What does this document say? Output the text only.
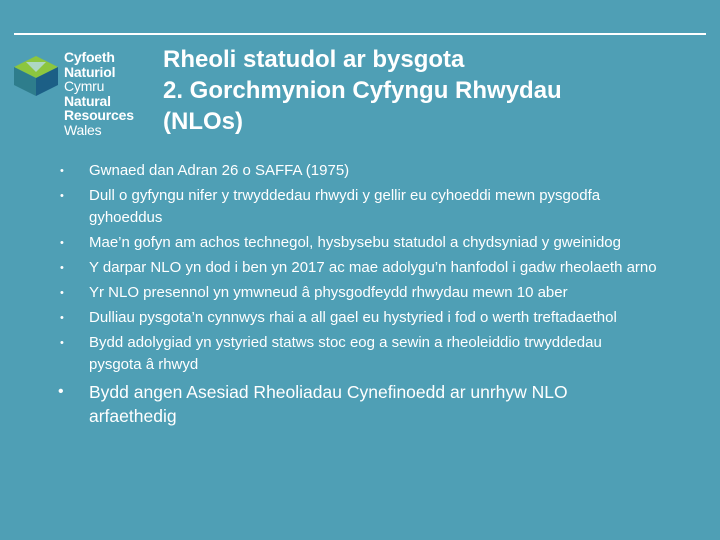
Cyfoeth
Naturiol
Cymru
Natural
Resources
Wales
Rheoli statudol ar bysgota
2. Gorchmynion Cyfyngu Rhwydau
(NLOs)
• Gwnaed dan Adran 26 o SAFFA (1975)
• Dull o gyfyngu nifer y trwyddedau rhwydi y gellir eu cyhoeddi mewn pysgodfa gyhoeddus
• Mae’n gofyn am achos technegol, hysbysebu statudol a chydsyniad y gweinidog
• Y darpar NLO yn dod i ben yn 2017 ac mae adolygu’n hanfodol i gadw rheolaeth arno
• Yr NLO presennol yn ymwneud â physgodfeydd rhwydau mewn 10 aber
• Dulliau pysgota’n cynnwys rhai a all gael eu hystyried i fod o werth treftadaethol
• Bydd adolygiad yn ystyried statws stoc eog a sewin a rheoleiddio trwyddedau pysgota â rhwyd
• Bydd angen Asesiad Rheoliadau Cynefinoedd ar unrhyw NLO arfaethedig
